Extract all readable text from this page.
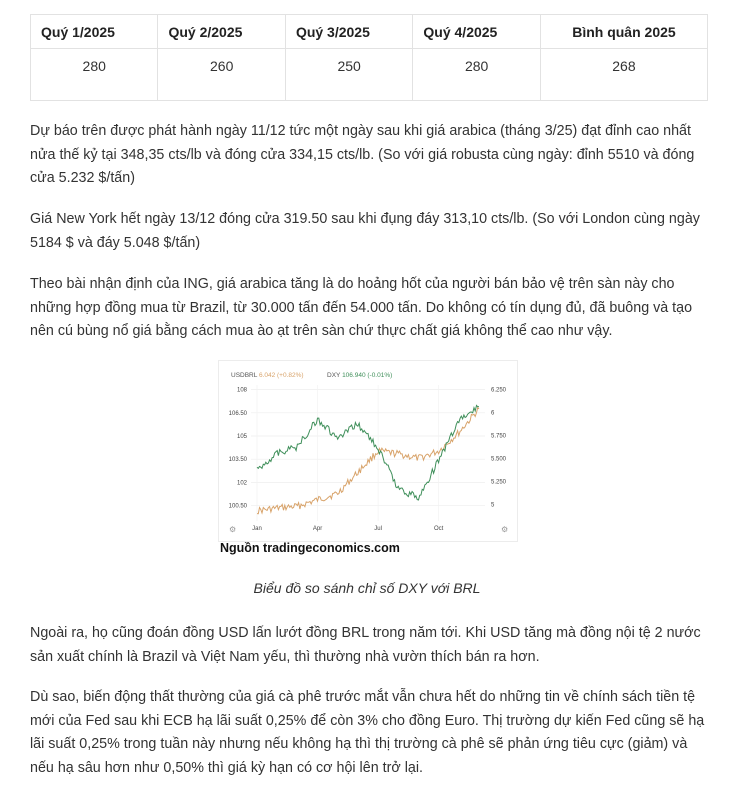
Quý 1/2025	Quý 2/2025	Quý 3/2025	Quý 4/2025	Bình quân 2025
280	260	250	280	268

Dự báo trên được phát hành ngày 11/12 tức một ngày sau khi giá arabica (tháng 3/25) đạt đỉnh cao nhất nửa thế kỷ tại 348,35 cts/lb và đóng cửa 334,15 cts/lb. (So với giá robusta cùng ngày: đỉnh 5510 và đóng cửa 5.232 $/tấn)

Giá New York hết ngày 13/12 đóng cửa 319.50 sau khi đụng đáy 313,10 cts/lb. (So với London cùng ngày 5184 $ và đáy 5.048 $/tấn)

Theo bài nhận định của ING, giá arabica tăng là do hoảng hốt của người bán bảo vệ trên sàn này cho những hợp đồng mua từ Brazil, từ 30.000 tấn đến 54.000 tấn. Do không có tín dụng đủ, đã buông và tạo nên cú bùng nổ giá bằng cách mua ào ạt trên sàn chứ thực chất giá không thể cao như vậy.

USDBRL 6.042 (+0.82%)	DXY 106.940 (-0.01%)
108
106.50
105
103.50
102
100.50
6.250
6
5.750
5.500
5.250
5
Jan	Apr	Jul	Oct
⚙	⚙
Nguồn tradingeconomics.com
Biểu đồ so sánh chỉ số DXY với BRL

Ngoài ra, họ cũng đoán đồng USD lấn lướt đồng BRL trong năm tới. Khi USD tăng mà đồng nội tệ 2 nước sản xuất chính là Brazil và Việt Nam yếu, thì thường nhà vườn thích bán ra hơn.

Dù sao, biến động thất thường của giá cà phê trước mắt vẫn chưa hết do những tin về chính sách tiền tệ mới của Fed sau khi ECB hạ lãi suất 0,25% để còn 3% cho đồng Euro. Thị trường dự kiến Fed cũng sẽ hạ lãi suất 0,25% trong tuần này nhưng nếu không hạ thì thị trường cà phê sẽ phản ứng tiêu cực (giảm) và nếu hạ sâu hơn như 0,50% thì giá kỳ hạn có cơ hội lên trở lại.
